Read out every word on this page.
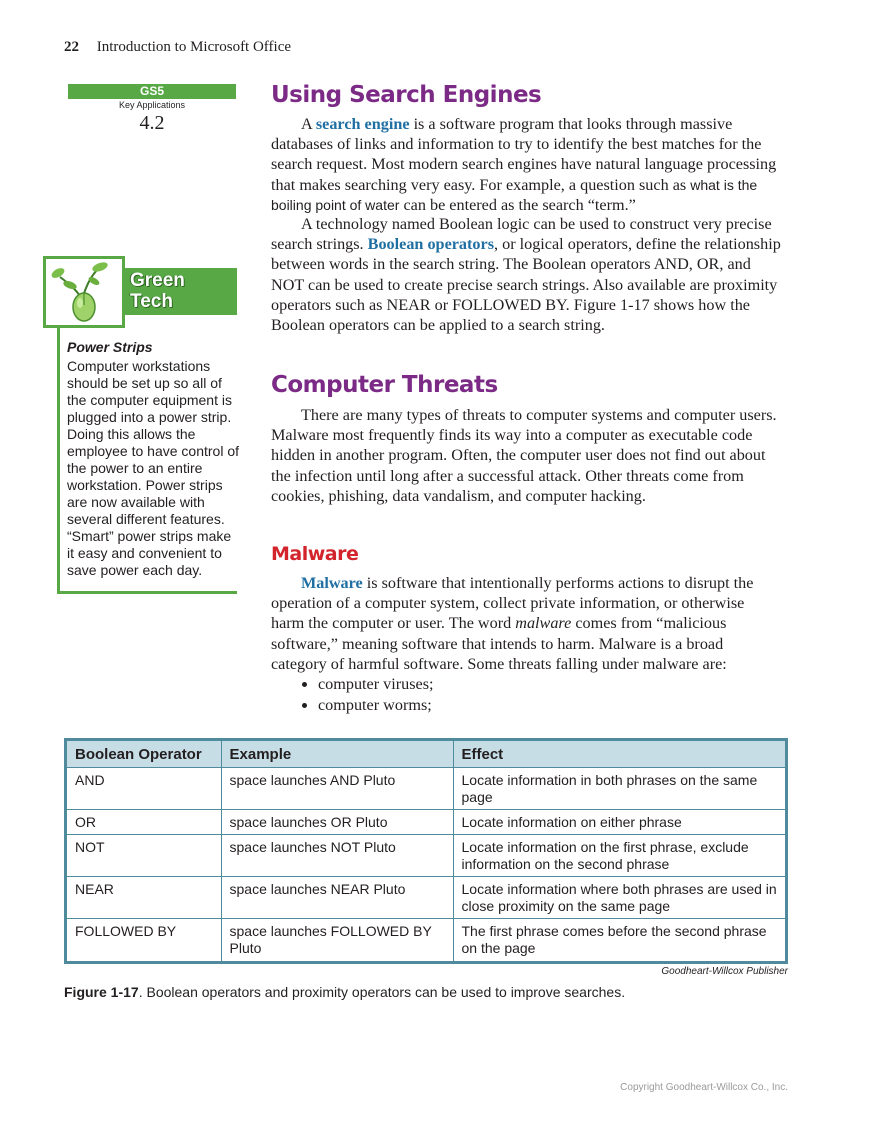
22 Introduction to Microsoft Office
GS5
Key Applications
4.2
Green
Tech
Power Strips
Computer workstations should be set up so all of the computer equipment is plugged into a power strip. Doing this allows the employee to have control of the power to an entire workstation. Power strips are now available with several different features. “Smart” power strips make it easy and convenient to save power each day.
Using Search Engines
A search engine is a software program that looks through massive databases of links and information to try to identify the best matches for the search request. Most modern search engines have natural language processing that makes searching very easy. For example, a question such as what is the boiling point of water can be entered as the search “term.”
A technology named Boolean logic can be used to construct very precise search strings. Boolean operators, or logical operators, define the relationship between words in the search string. The Boolean operators AND, OR, and NOT can be used to create precise search strings. Also available are proximity operators such as NEAR or FOLLOWED BY. Figure 1-17 shows how the Boolean operators can be applied to a search string.
Computer Threats
There are many types of threats to computer systems and computer users. Malware most frequently finds its way into a computer as executable code hidden in another program. Often, the computer user does not find out about the infection until long after a successful attack. Other threats come from cookies, phishing, data vandalism, and computer hacking.
Malware
Malware is software that intentionally performs actions to disrupt the operation of a computer system, collect private information, or otherwise harm the computer or user. The word malware comes from “malicious software,” meaning software that intends to harm. Malware is a broad category of harmful software. Some threats falling under malware are:
• computer viruses;
• computer worms;
Boolean Operator	Example	Effect
AND	space launches AND Pluto	Locate information in both phrases on the same page
OR	space launches OR Pluto	Locate information on either phrase
NOT	space launches NOT Pluto	Locate information on the first phrase, exclude information on the second phrase
NEAR	space launches NEAR Pluto	Locate information where both phrases are used in close proximity on the same page
FOLLOWED BY	space launches FOLLOWED BY Pluto	The first phrase comes before the second phrase on the page
Goodheart-Willcox Publisher
Figure 1-17. Boolean operators and proximity operators can be used to improve searches.
Copyright Goodheart-Willcox Co., Inc.
